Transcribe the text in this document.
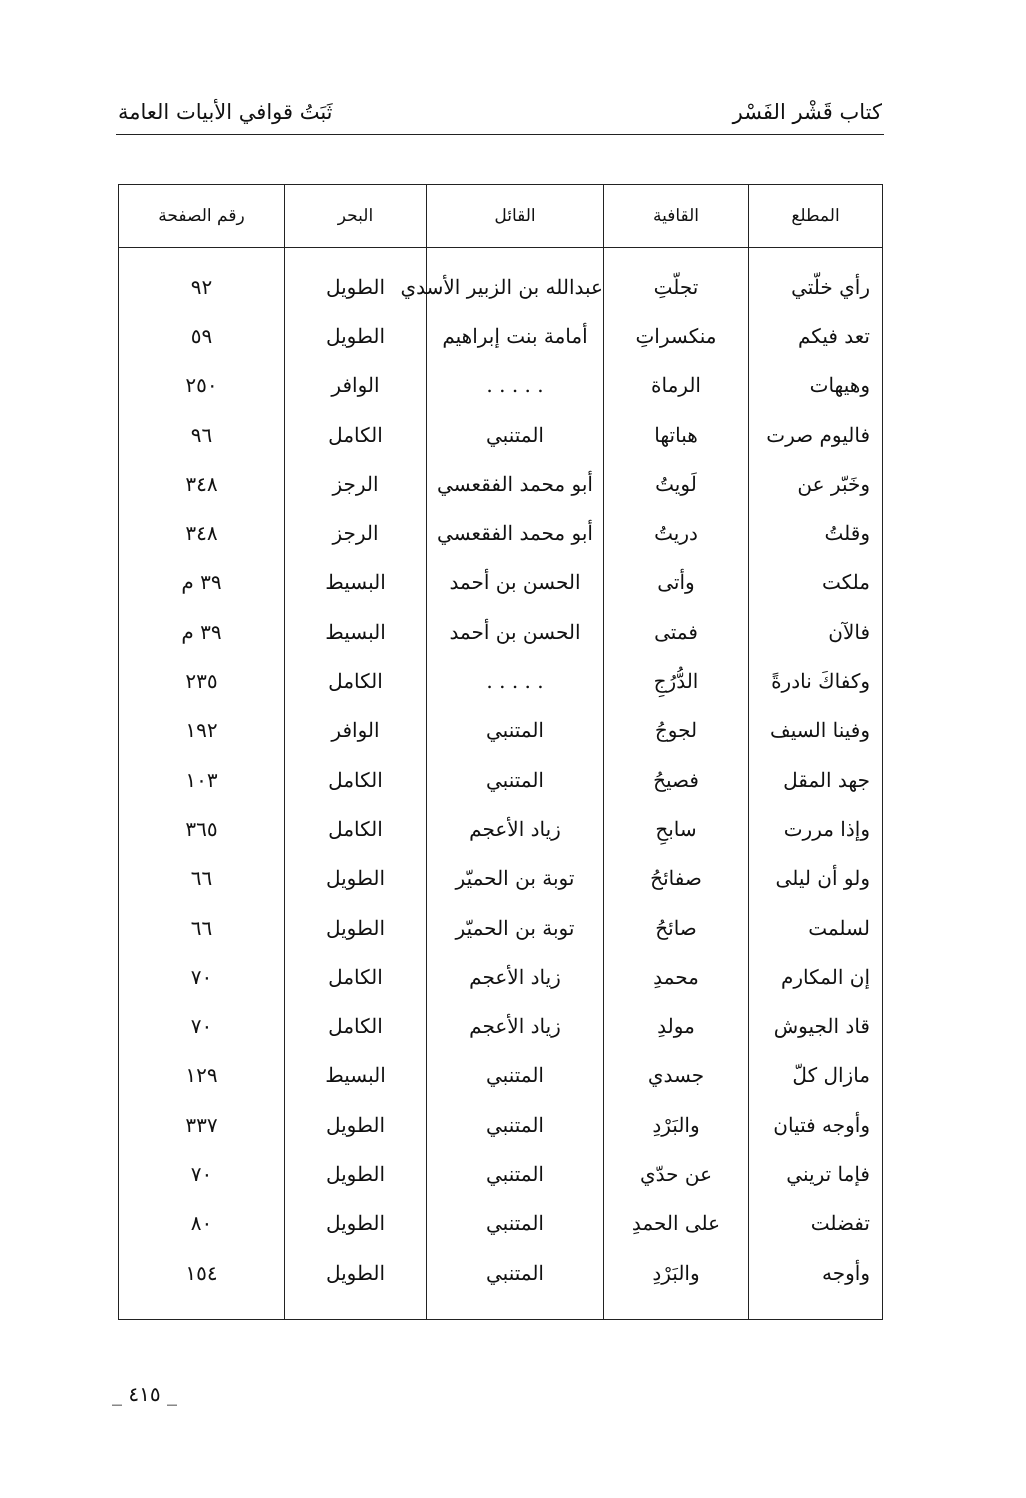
كتاب قَشْر الفَسْر
ثَبَتُ قوافي الأبيات العامة
المطلع	القافية	القائل	البحر	رقم الصفحة
رأي خلّتي	تجلّتِ	عبدالله بن الزبير الأسدي	الطويل	٩٢
تعد فيكم	منكسراتِ	أمامة بنت إبراهيم	الطويل	٥٩
وهيهات	الرماة	. . . . .	الوافر	٢٥٠
فاليوم صرت	هباتها	المتنبي	الكامل	٩٦
وخَبّر عن	لَويتُ	أبو محمد الفقعسي	الرجز	٣٤٨
وقلتُ	دريتُ	أبو محمد الفقعسي	الرجز	٣٤٨
ملكت	وأتى	الحسن بن أحمد	البسيط	٣٩ م
فالآن	فمتى	الحسن بن أحمد	البسيط	٣٩ م
وكفاكَ نادرةً	الدُّرُجِ	. . . . .	الكامل	٢٣٥
وفينا السيف	لجوجُ	المتنبي	الوافر	١٩٢
جهد المقل	فصيحُ	المتنبي	الكامل	١٠٣
وإذا مررت	سابحِ	زياد الأعجم	الكامل	٣٦٥
ولو أن ليلى	صفائحُ	توبة بن الحميّر	الطويل	٦٦
لسلمت	صائحُ	توبة بن الحميّر	الطويل	٦٦
إن المكارم	محمدِ	زياد الأعجم	الكامل	٧٠
قاد الجيوش	مولدِ	زياد الأعجم	الكامل	٧٠
مازال كلّ	جسدي	المتنبي	البسيط	١٢٩
وأوجه فتيان	والبَرْدِ	المتنبي	الطويل	٣٣٧
فإما تريني	عن حدّي	المتنبي	الطويل	٧٠
تفضلت	على الحمدِ	المتنبي	الطويل	٨٠
وأوجه	والبَرْدِ	المتنبي	الطويل	١٥٤

_ ٤١٥ _
